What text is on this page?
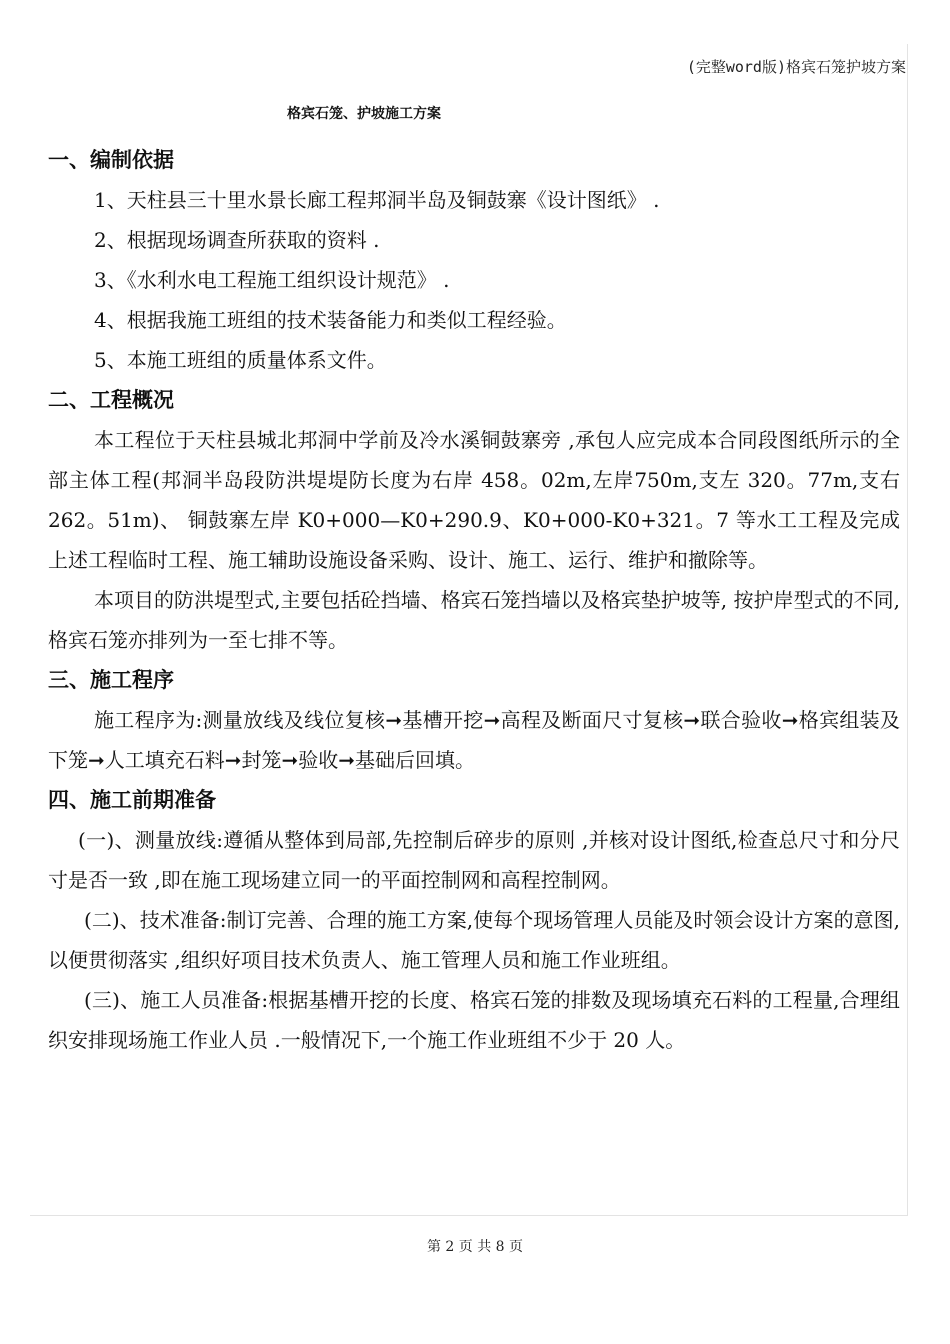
(完整word版)格宾石笼护坡方案
格宾石笼、护坡施工方案
一、编制依据
1、天柱县三十里水景长廊工程邦洞半岛及铜鼓寨《设计图纸》 .
2、根据现场调查所获取的资料 .
3、《水利水电工程施工组织设计规范》 .
4、根据我施工班组的技术装备能力和类似工程经验。
5、本施工班组的质量体系文件。
二、工程概况
本工程位于天柱县城北邦洞中学前及冷水溪铜鼓寨旁 ,承包人应完成本合同段图纸所示的全部主体工程(邦洞半岛段防洪堤堤防长度为右岸 458。02m,左岸750m,支左 320。77m,支右 262。51m)、 铜鼓寨左岸 K0+000—K0+290.9、K0+000-K0+321。7 等水工工程及完成上述工程临时工程、施工辅助设施设备采购、设计、施工、运行、维护和撤除等。
本项目的防洪堤型式,主要包括砼挡墙、格宾石笼挡墙以及格宾垫护坡等, 按护岸型式的不同,格宾石笼亦排列为一至七排不等。
三、施工程序
施工程序为:测量放线及线位复核➞基槽开挖➞高程及断面尺寸复核➞联合验收➞格宾组装及下笼➞人工填充石料➞封笼➞验收➞基础后回填。
四、施工前期准备
(一)、测量放线:遵循从整体到局部,先控制后碎步的原则 ,并核对设计图纸,检查总尺寸和分尺寸是否一致 ,即在施工现场建立同一的平面控制网和高程控制网。
(二)、技术准备:制订完善、合理的施工方案,使每个现场管理人员能及时领会设计方案的意图,以便贯彻落实 ,组织好项目技术负责人、施工管理人员和施工作业班组。
(三)、施工人员准备:根据基槽开挖的长度、格宾石笼的排数及现场填充石料的工程量,合理组织安排现场施工作业人员 .一般情况下,一个施工作业班组不少于 20 人。
第 2 页 共 8 页
